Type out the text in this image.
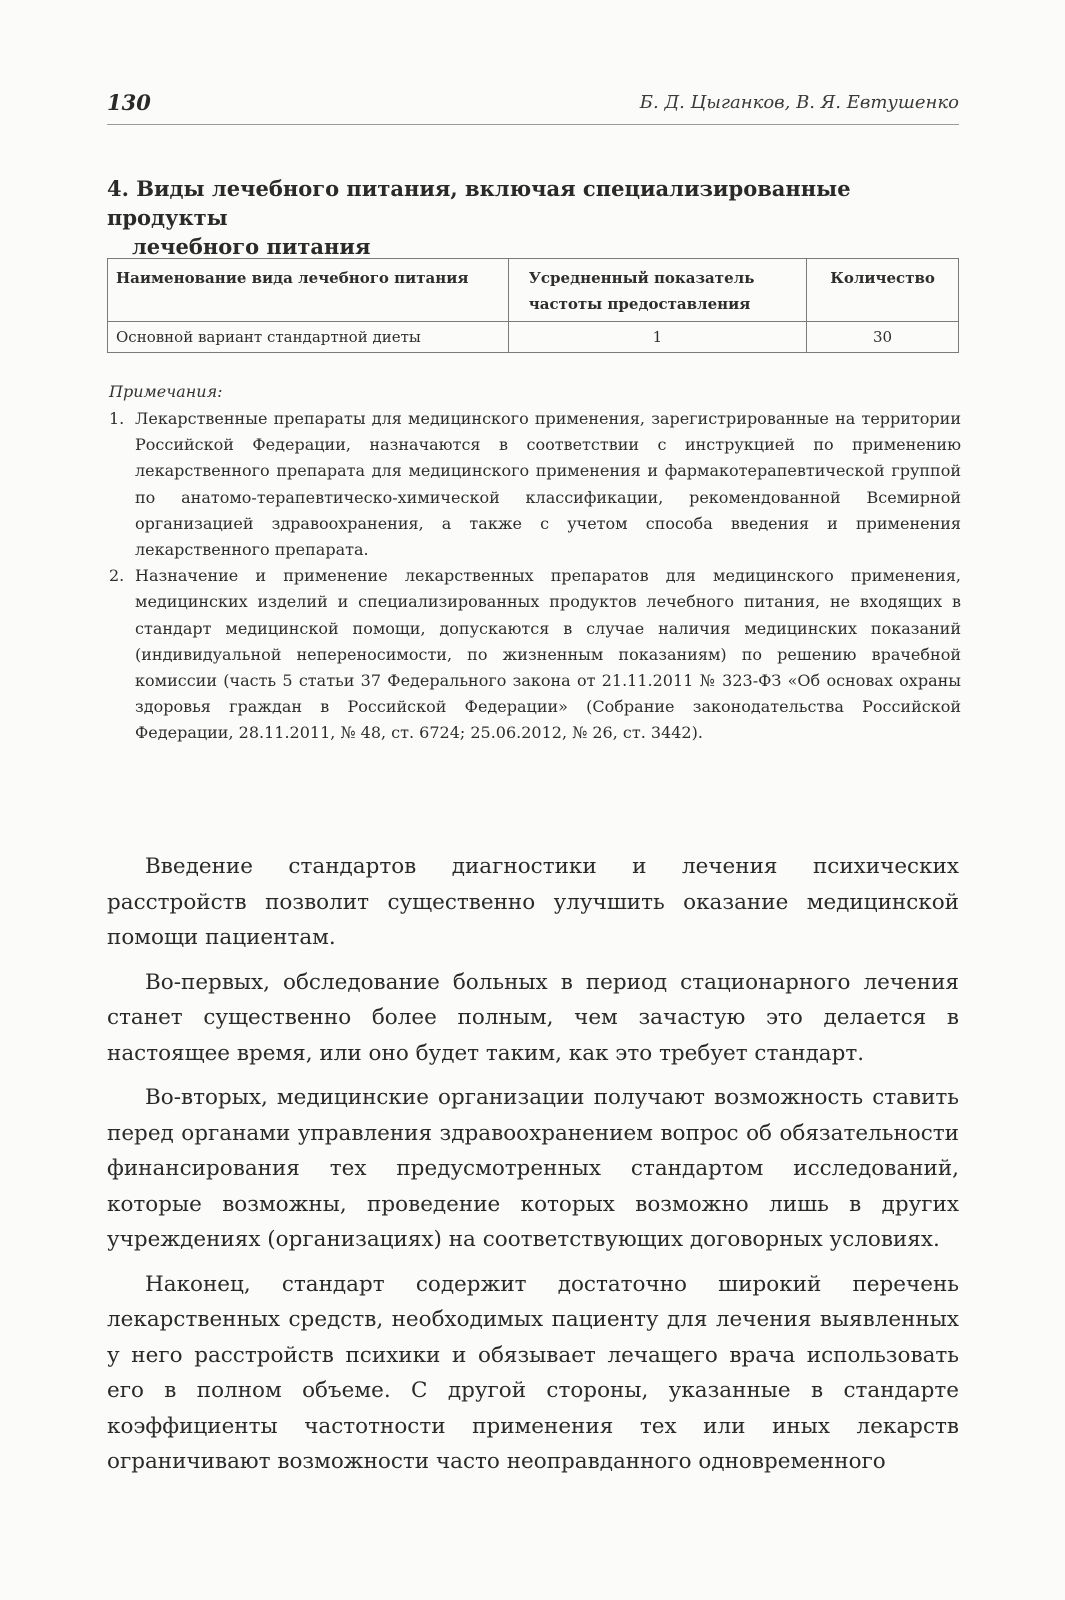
130	Б. Д. Цыганков, В. Я. Евтушенко
4. Виды лечебного питания, включая специализированные продукты
лечебного питания
Наименование вида лечебного питания	Усредненный показатель частоты предоставления	Количество
Основной вариант стандартной диеты	1	30
Примечания:
1. Лекарственные препараты для медицинского применения, зарегистрированные на территории Российской Федерации, назначаются в соответствии с инструкцией по применению лекарственного препарата для медицинского применения и фармакотерапевтической группой по анатомо-терапевтическо-химической классификации, рекомендованной Всемирной организацией здравоохранения, а также с учетом способа введения и применения лекарственного препарата.
2. Назначение и применение лекарственных препаратов для медицинского применения, медицинских изделий и специализированных продуктов лечебного питания, не входящих в стандарт медицинской помощи, допускаются в случае наличия медицинских показаний (индивидуальной непереносимости, по жизненным показаниям) по решению врачебной комиссии (часть 5 статьи 37 Федерального закона от 21.11.2011 № 323-ФЗ «Об основах охраны здоровья граждан в Российской Федерации» (Собрание законодательства Российской Федерации, 28.11.2011, № 48, ст. 6724; 25.06.2012, № 26, ст. 3442).

Введение стандартов диагностики и лечения психических расстройств позволит существенно улучшить оказание медицинской помощи пациентам.

Во-первых, обследование больных в период стационарного лечения станет существенно более полным, чем зачастую это делается в настоящее время, или оно будет таким, как это требует стандарт.

Во-вторых, медицинские организации получают возможность ставить перед органами управления здравоохранением вопрос об обязательности финансирования тех предусмотренных стандартом исследований, которые возможны, проведение которых возможно лишь в других учреждениях (организациях) на соответствующих договорных условиях.

Наконец, стандарт содержит достаточно широкий перечень лекарственных средств, необходимых пациенту для лечения выявленных у него расстройств психики и обязывает лечащего врача использовать его в полном объеме. С другой стороны, указанные в стандарте коэффициенты частотности применения тех или иных лекарств ограничивают возможности часто неоправданного одновременного
